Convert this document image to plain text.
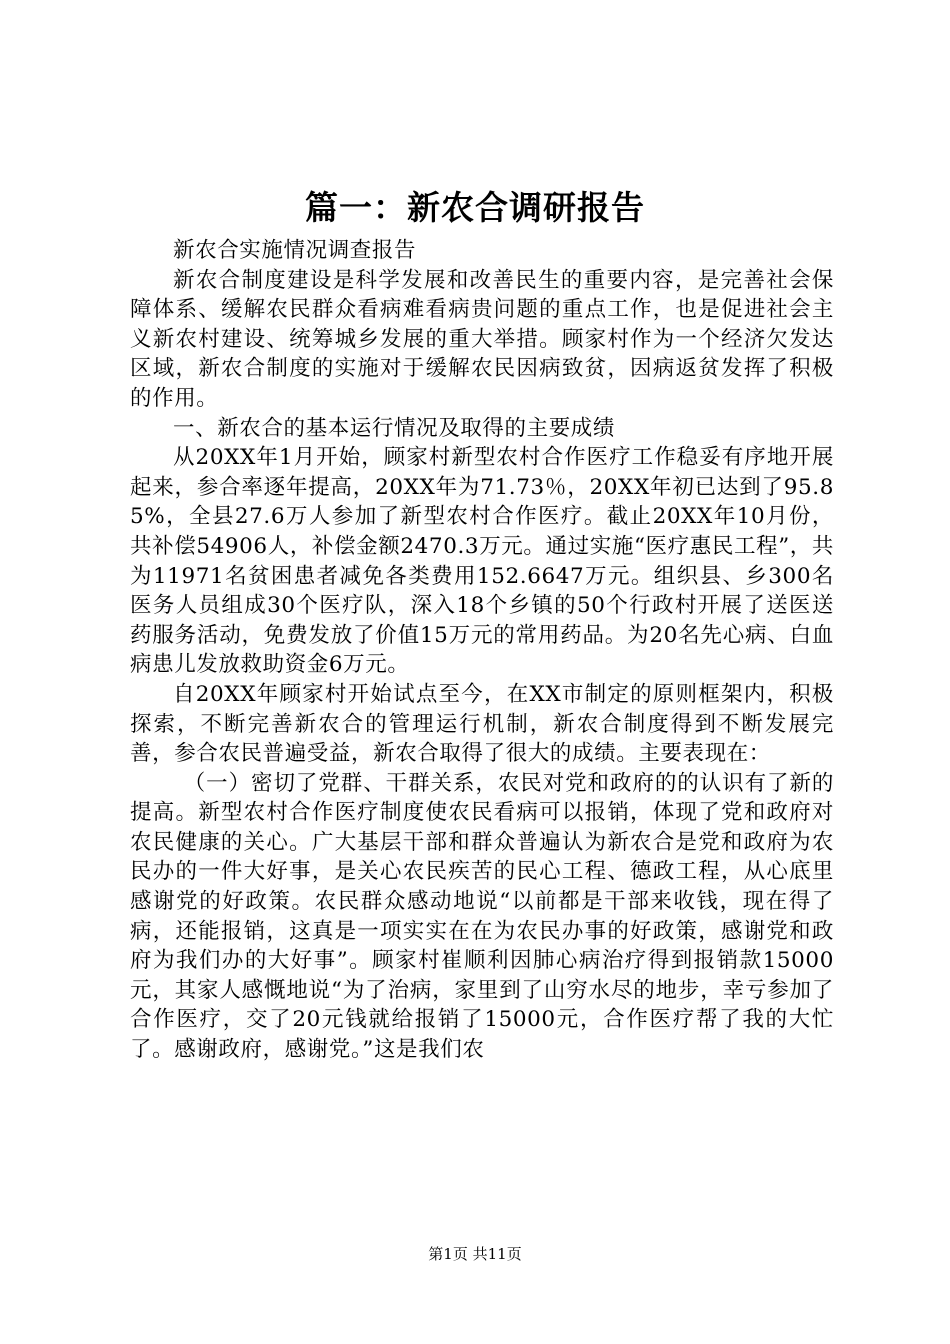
篇一：新农合调研报告

新农合实施情况调查报告

新农合制度建设是科学发展和改善民生的重要内容，是完善社会保障体系、缓解农民群众看病难看病贵问题的重点工作，也是促进社会主义新农村建设、统筹城乡发展的重大举措。顾家村作为一个经济欠发达区域，新农合制度的实施对于缓解农民因病致贫，因病返贫发挥了积极的作用。

一、新农合的基本运行情况及取得的主要成绩

从20XX年1月开始，顾家村新型农村合作医疗工作稳妥有序地开展起来，参合率逐年提高，20XX年为71.73％，20XX年初已达到了95.85%，全县27.6万人参加了新型农村合作医疗。截止20XX年10月份，共补偿54906人，补偿金额2470.3万元。通过实施“医疗惠民工程”，共为11971名贫困患者减免各类费用152.6647万元。组织县、乡300名医务人员组成30个医疗队，深入18个乡镇的50个行政村开展了送医送药服务活动，免费发放了价值15万元的常用药品。为20名先心病、白血病患儿发放救助资金6万元。

自20XX年顾家村开始试点至今，在XX市制定的原则框架内，积极探索，不断完善新农合的管理运行机制，新农合制度得到不断发展完善，参合农民普遍受益，新农合取得了很大的成绩。主要表现在：

（一）密切了党群、干群关系，农民对党和政府的的认识有了新的提高。新型农村合作医疗制度使农民看病可以报销，体现了党和政府对农民健康的关心。广大基层干部和群众普遍认为新农合是党和政府为农民办的一件大好事，是关心农民疾苦的民心工程、德政工程，从心底里感谢党的好政策。农民群众感动地说“以前都是干部来收钱，现在得了病，还能报销，这真是一项实实在在为农民办事的好政策，感谢党和政府为我们办的大好事”。顾家村崔顺利因肺心病治疗得到报销款15000元，其家人感慨地说“为了治病，家里到了山穷水尽的地步，幸亏参加了合作医疗，交了20元钱就给报销了15000元，合作医疗帮了我的大忙了。感谢政府，感谢党。”这是我们农

第1页 共11页
